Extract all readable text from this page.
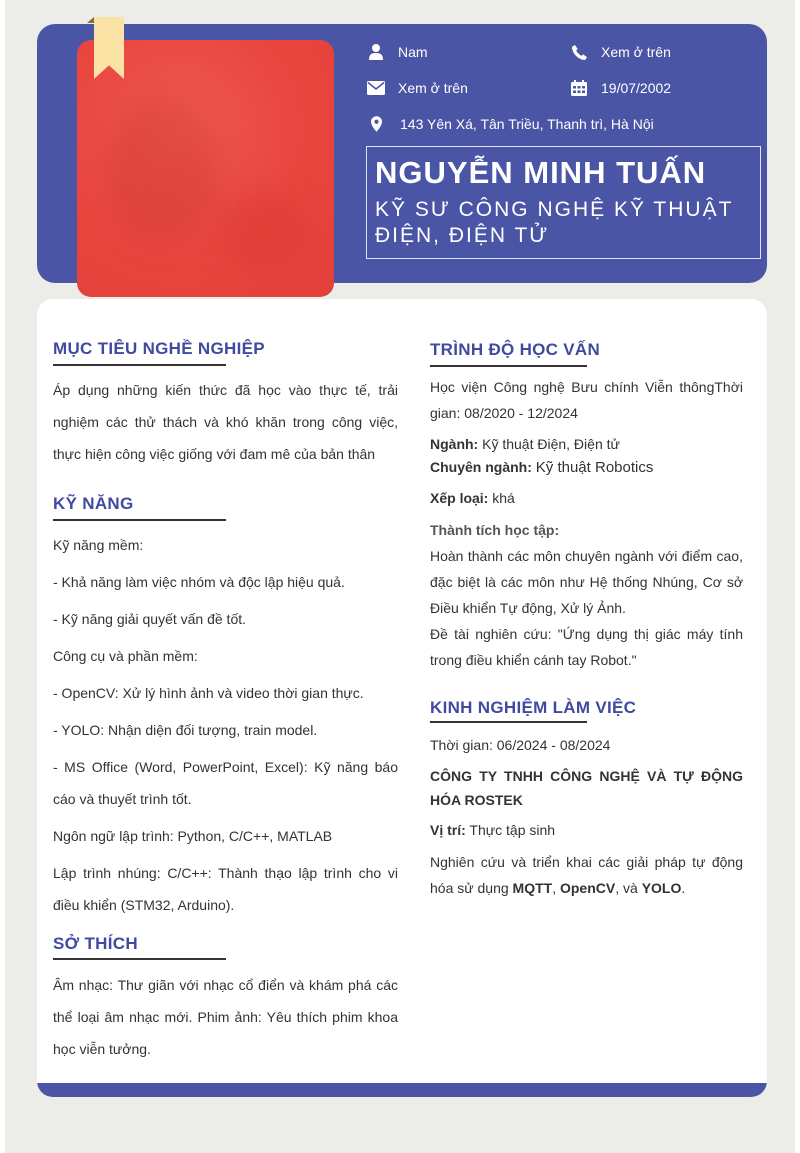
Nam	Xem ở trên
Xem ở trên	19/07/2002
143 Yên Xá, Tân Triều, Thanh trì, Hà Nội
NGUYỄN MINH TUẤN
KỸ SƯ CÔNG NGHỆ KỸ THUẬT ĐIỆN, ĐIỆN TỬ
MỤC TIÊU NGHỀ NGHIỆP
Áp dụng những kiến thức đã học vào thực tế, trải nghiệm các thử thách và khó khăn trong công việc, thực hiện công việc giống với đam mê của bản thân
KỸ NĂNG
Kỹ năng mềm:
- Khả năng làm việc nhóm và độc lập hiệu quả.
- Kỹ năng giải quyết vấn đề tốt.
Công cụ và phần mềm:
- OpenCV: Xử lý hình ảnh và video thời gian thực.
- YOLO: Nhận diện đối tượng, train model.
- MS Office (Word, PowerPoint, Excel): Kỹ năng báo cáo và thuyết trình tốt.
Ngôn ngữ lập trình: Python, C/C++, MATLAB
Lập trình nhúng: C/C++: Thành thạo lập trình cho vi điều khiển (STM32, Arduino).
SỞ THÍCH
Âm nhạc: Thư giãn với nhạc cổ điển và khám phá các thể loại âm nhạc mới. Phim ảnh: Yêu thích phim khoa học viễn tưởng.
TRÌNH ĐỘ HỌC VẤN
Học viện Công nghệ Bưu chính Viễn thôngThời gian: 08/2020 - 12/2024
Ngành: Kỹ thuật Điện, Điện tử
Chuyên ngành: Kỹ thuật Robotics
Xếp loại: khá
Thành tích học tập:
Hoàn thành các môn chuyên ngành với điểm cao, đặc biệt là các môn như Hệ thống Nhúng, Cơ sở Điều khiển Tự động, Xử lý Ảnh.
Đề tài nghiên cứu: "Ứng dụng thị giác máy tính trong điều khiển cánh tay Robot."
KINH NGHIỆM LÀM VIỆC
Thời gian: 06/2024 - 08/2024
CÔNG TY TNHH CÔNG NGHỆ VÀ TỰ ĐỘNG HÓA ROSTEK
Vị trí: Thực tập sinh
Nghiên cứu và triển khai các giải pháp tự động hóa sử dụng MQTT, OpenCV, và YOLO.
